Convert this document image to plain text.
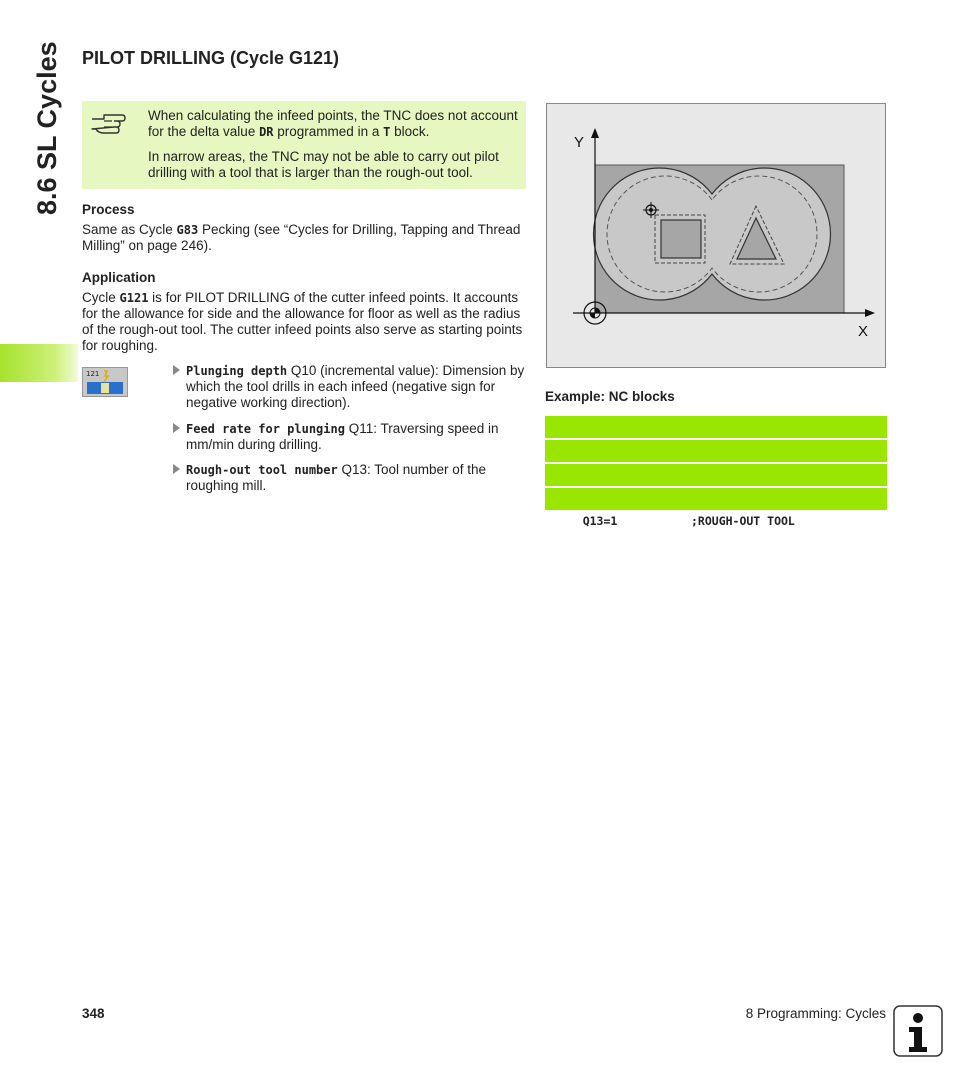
8.6 SL Cycles PILOT DRILLING (Cycle G121)

When calculating the infeed points, the TNC does not account for the delta value DR programmed in a T block.

In narrow areas, the TNC may not be able to carry out pilot drilling with a tool that is larger than the rough-out tool.

Process

Same as Cycle G83 Pecking (see “Cycles for Drilling, Tapping and Thread Milling” on page 246).

Application

Cycle G121 is for PILOT DRILLING of the cutter infeed points. It accounts for the allowance for side and the allowance for floor as well as the radius of the rough-out tool. The cutter infeed points also serve as starting points for roughing.

121	Plunging depth Q10 (incremental value): Dimension by which the tool drills in each infeed (negative sign for negative working direction).
Feed rate for plunging Q11: Traversing speed in mm/min during drilling.
Rough-out tool number Q13: Tool number of the roughing mill.
Y
X

Example: NC blocks

Q13=1	;ROUGH-OUT TOOL

348	8 Programming: Cycles
